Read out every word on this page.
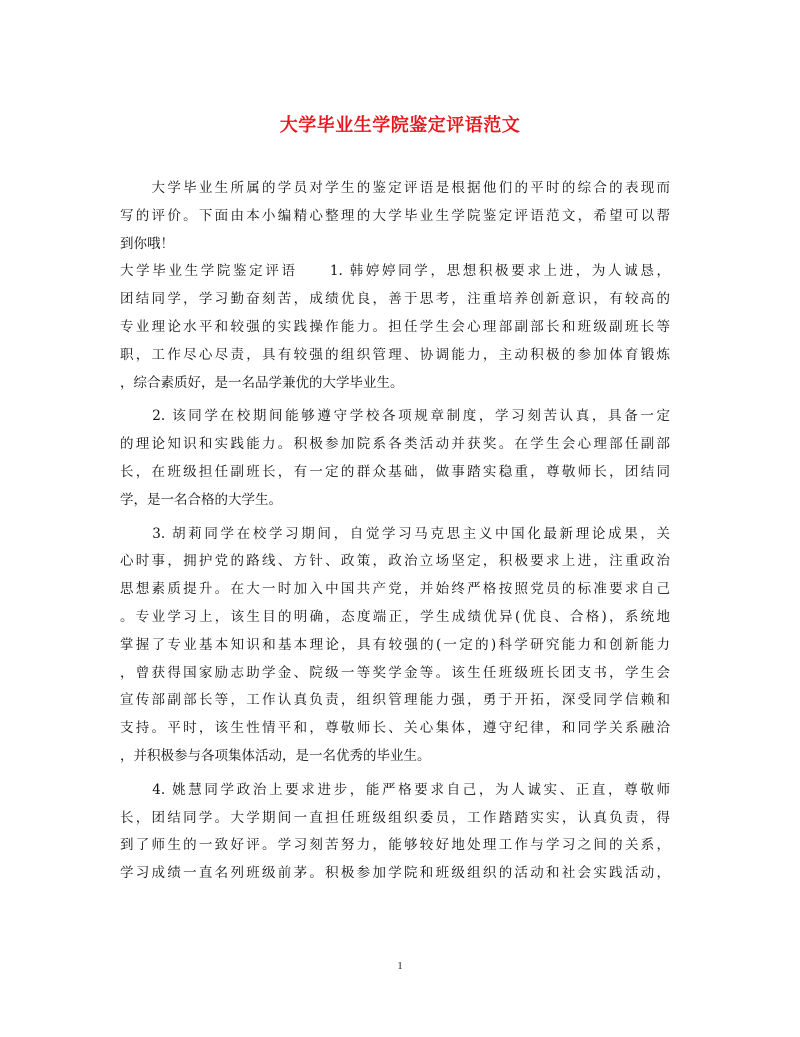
大学毕业生学院鉴定评语范文
　　大学毕业生所属的学员对学生的鉴定评语是根据他们的平时的综合的表现而
写的评价。下面由本小编精心整理的大学毕业生学院鉴定评语范文，希望可以帮
到你哦！
大学毕业生学院鉴定评语　　1. 韩婷婷同学，思想积极要求上进，为人诚恳，
团结同学，学习勤奋刻苦，成绩优良，善于思考，注重培养创新意识，有较高的
专业理论水平和较强的实践操作能力。担任学生会心理部副部长和班级副班长等
职，工作尽心尽责，具有较强的组织管理、协调能力，主动积极的参加体育锻炼
，综合素质好，是一名品学兼优的大学毕业生。
　　2. 该同学在校期间能够遵守学校各项规章制度，学习刻苦认真，具备一定
的理论知识和实践能力。积极参加院系各类活动并获奖。在学生会心理部任副部
长，在班级担任副班长，有一定的群众基础，做事踏实稳重，尊敬师长，团结同
学，是一名合格的大学生。
　　3. 胡莉同学在校学习期间，自觉学习马克思主义中国化最新理论成果，关
心时事，拥护党的路线、方针、政策，政治立场坚定，积极要求上进，注重政治
思想素质提升。在大一时加入中国共产党，并始终严格按照党员的标准要求自己
。专业学习上，该生目的明确，态度端正，学生成绩优异(优良、合格)，系统地
掌握了专业基本知识和基本理论，具有较强的(一定的)科学研究能力和创新能力
，曾获得国家励志助学金、院级一等奖学金等。该生任班级班长团支书，学生会
宣传部副部长等，工作认真负责，组织管理能力强，勇于开拓，深受同学信赖和
支持。平时，该生性情平和，尊敬师长、关心集体，遵守纪律，和同学关系融洽
，并积极参与各项集体活动，是一名优秀的毕业生。
　　4. 姚慧同学政治上要求进步，能严格要求自己，为人诚实、正直，尊敬师
长，团结同学。大学期间一直担任班级组织委员，工作踏踏实实，认真负责，得
到了师生的一致好评。学习刻苦努力，能够较好地处理工作与学习之间的关系，
学习成绩一直名列班级前茅。积极参加学院和班级组织的活动和社会实践活动，
1
